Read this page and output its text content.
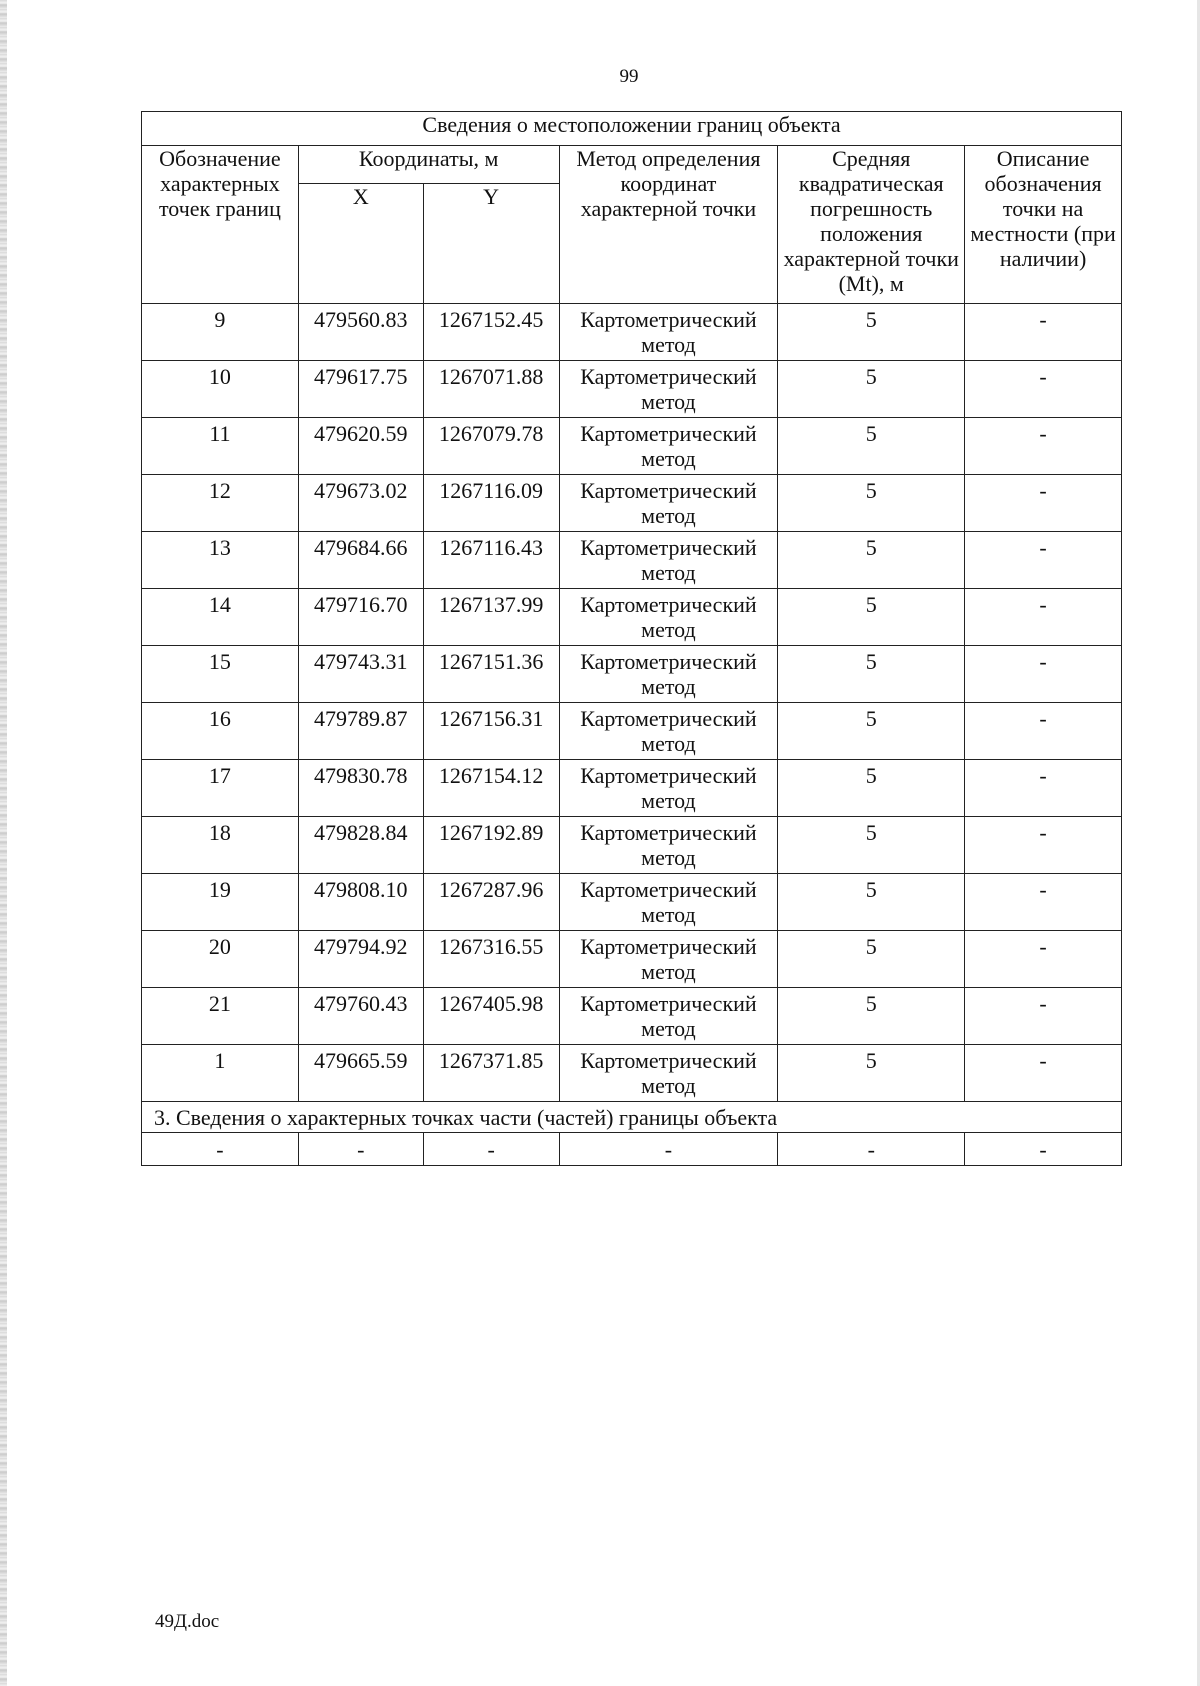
99
Сведения о местоположении границ объекта					
Обозначение характерных точек границ	Координаты, м		Метод определения координат характерной точки	Средняя квадратическая погрешность положения характерной точки (Mt), м	Описание обозначения точки на местности (при наличии)
	X	Y			
9	479560.83	1267152.45	Картометрический метод	5	-
10	479617.75	1267071.88	Картометрический метод	5	-
11	479620.59	1267079.78	Картометрический метод	5	-
12	479673.02	1267116.09	Картометрический метод	5	-
13	479684.66	1267116.43	Картометрический метод	5	-
14	479716.70	1267137.99	Картометрический метод	5	-
15	479743.31	1267151.36	Картометрический метод	5	-
16	479789.87	1267156.31	Картометрический метод	5	-
17	479830.78	1267154.12	Картометрический метод	5	-
18	479828.84	1267192.89	Картометрический метод	5	-
19	479808.10	1267287.96	Картометрический метод	5	-
20	479794.92	1267316.55	Картометрический метод	5	-
21	479760.43	1267405.98	Картометрический метод	5	-
1	479665.59	1267371.85	Картометрический метод	5	-
3. Сведения о характерных точках части (частей) границы объекта					
-	-	-	-	-	-
49Д.doc
